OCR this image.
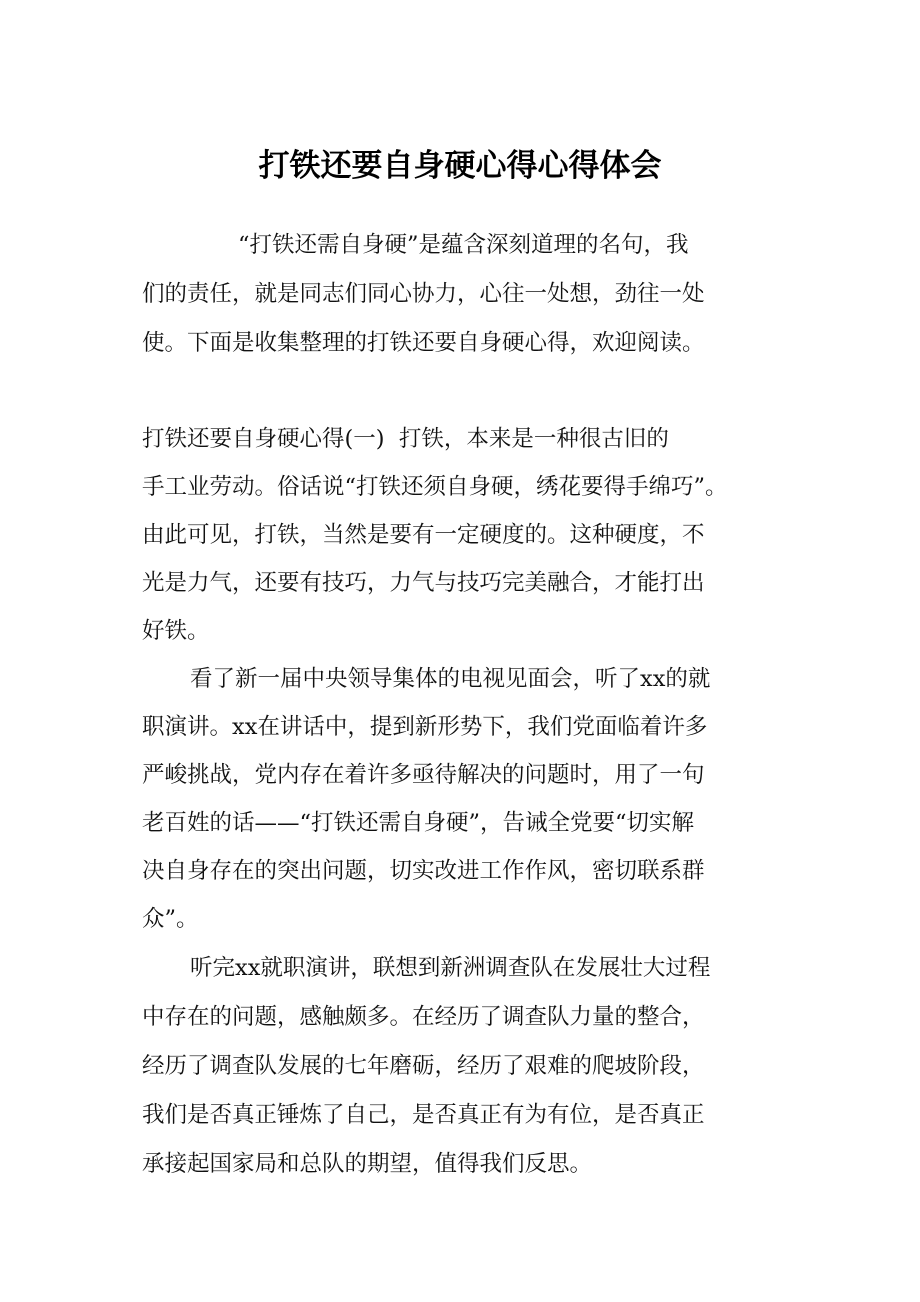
打铁还要自身硬心得心得体会

“打铁还需自身硬”是蕴含深刻道理的名句，我

们的责任，就是同志们同心协力，心往一处想，劲往一处

使。下面是收集整理的打铁还要自身硬心得，欢迎阅读。

打铁还要自身硬心得(一)  打铁，本来是一种很古旧的

手工业劳动。俗话说“打铁还须自身硬，绣花要得手绵巧”。

由此可见，打铁，当然是要有一定硬度的。这种硬度，不

光是力气，还要有技巧，力气与技巧完美融合，才能打出

好铁。

看了新一届中央领导集体的电视见面会，听了xx的就

职演讲。xx在讲话中，提到新形势下，我们党面临着许多

严峻挑战，党内存在着许多亟待解决的问题时，用了一句

老百姓的话——“打铁还需自身硬”，告诫全党要“切实解

决自身存在的突出问题，切实改进工作作风，密切联系群

众”。

听完xx就职演讲，联想到新洲调查队在发展壮大过程

中存在的问题，感触颇多。在经历了调查队力量的整合，

经历了调查队发展的七年磨砺，经历了艰难的爬坡阶段，

我们是否真正锤炼了自己，是否真正有为有位，是否真正

承接起国家局和总队的期望，值得我们反思。
